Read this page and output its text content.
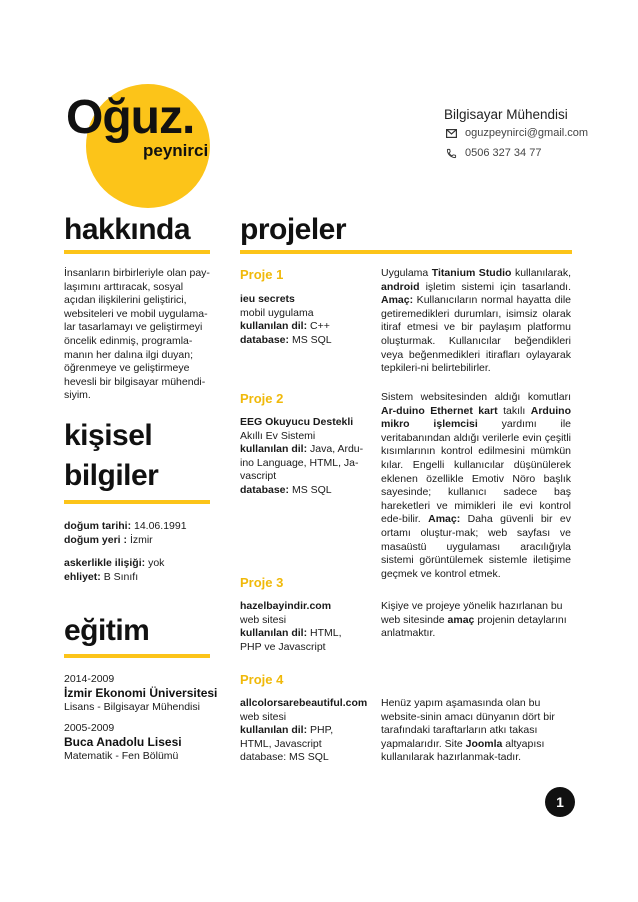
Oğuz.
peynirci
Bilgisayar Mühendisi
oguzpeynirci@gmail.com
0506 327 34 77
hakkında
İnsanların birbirleriyle olan pay-
laşımını arttıracak, sosyal
açıdan ilişkilerini geliştirici,
websiteleri ve mobil uygulama-
lar tasarlamayı ve geliştirmeyi
öncelik edinmiş, programla-
manın her dalına ilgi duyan;
öğrenmeye ve geliştirmeye
hevesli bir bilgisayar mühendi-
siyim.
kişisel
bilgiler
doğum tarihi: 14.06.1991
doğum yeri : İzmir
askerlikle ilişiği: yok
ehliyet: B Sınıfı
eğitim
2014-2009
İzmir Ekonomi Üniversitesi
Lisans - Bilgisayar Mühendisi
2005-2009
Buca Anadolu Lisesi
Matematik - Fen Bölümü
projeler
Proje 1
ieu secrets
mobil uygulama
kullanılan dil: C++
database: MS SQL
Uygulama Titanium Studio kullanılarak, android işletim sistemi için tasarlandı. Amaç: Kullanıcıların normal hayatta dile getiremedikleri durumları, isimsiz olarak itiraf etmesi ve bir paylaşım platformu oluşturmak. Kullanıcılar beğendikleri veya beğenmedikleri itirafları oylayarak tepkileri-ni belirtebilirler.
Proje 2
EEG Okuyucu Destekli
Akıllı Ev Sistemi
kullanılan dil: Java, Ardu-ino Language, HTML, Ja-vascript
database: MS SQL
Sistem websitesinden aldığı komutları Ar-duino Ethernet kart takılı Arduino mikro işlemcisi yardımı ile veritabanından aldığı verilerle evin çeşitli kısımlarının kontrol edilmesini mümkün kılar. Engelli kullanıcılar düşünülerek eklenen özellikle Emotiv Nöro başlık sayesinde; kullanıcı sadece baş hareketleri ve mimikleri ile evi kontrol ede-bilir. Amaç: Daha güvenli bir ev ortamı oluştur-mak; web sayfası ve masaüstü uygulaması aracılığıyla sistemi görüntülemek sistemle iletişime geçmek ve kontrol etmek.
Proje 3
hazelbayindir.com
web sitesi
kullanılan dil: HTML, PHP ve Javascript
Kişiye ve projeye yönelik hazırlanan bu web sitesinde amaç projenin detaylarını anlatmaktır.
Proje 4
allcolorsarebeautiful.com
web sitesi
kullanılan dil: PHP, HTML, Javascript
database: MS SQL
Henüz yapım aşamasında olan bu website-sinin amacı dünyanın dört bir tarafındaki taraftarların atkı takası yapmalarıdır. Site Joomla altyapısı kullanılarak hazırlanmak-tadır.
1
